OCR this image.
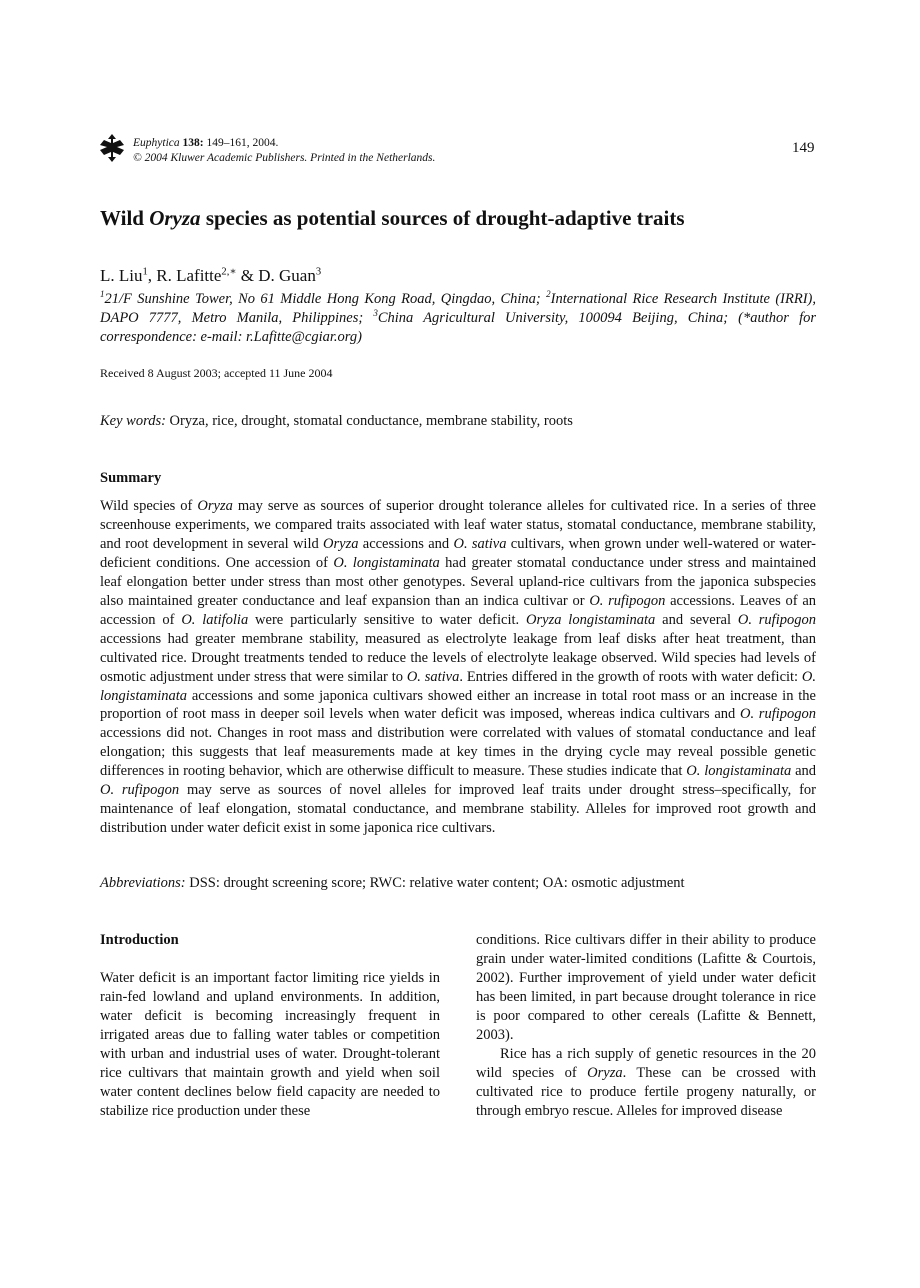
Euphytica 138: 149–161, 2004.
© 2004 Kluwer Academic Publishers. Printed in the Netherlands.
149
Wild Oryza species as potential sources of drought-adaptive traits
L. Liu$^1$, R. Lafitte$^{2,∗}$ & D. Guan$^3$
$^1$21/F Sunshine Tower, No 61 Middle Hong Kong Road, Qingdao, China; $^2$International Rice Research Institute (IRRI), DAPO 7777, Metro Manila, Philippines; $^3$China Agricultural University, 100094 Beijing, China; (*author for correspondence: e-mail: r.Lafitte@cgiar.org)
Received 8 August 2003; accepted 11 June 2004
Key words: Oryza, rice, drought, stomatal conductance, membrane stability, roots
Summary
Wild species of Oryza may serve as sources of superior drought tolerance alleles for cultivated rice. In a series of three screenhouse experiments, we compared traits associated with leaf water status, stomatal conductance, membrane stability, and root development in several wild Oryza accessions and O. sativa cultivars, when grown under well-watered or water-deficient conditions. One accession of O. longistaminata had greater stomatal conductance under stress and maintained leaf elongation better under stress than most other genotypes. Several upland-rice cultivars from the japonica subspecies also maintained greater conductance and leaf expansion than an indica cultivar or O. rufipogon accessions. Leaves of an accession of O. latifolia were particularly sensitive to water deficit. Oryza longistaminata and several O. rufipogon accessions had greater membrane stability, measured as electrolyte leakage from leaf disks after heat treatment, than cultivated rice. Drought treatments tended to reduce the levels of electrolyte leakage observed. Wild species had levels of osmotic adjustment under stress that were similar to O. sativa. Entries differed in the growth of roots with water deficit: O. longistaminata accessions and some japonica cultivars showed either an increase in total root mass or an increase in the proportion of root mass in deeper soil levels when water deficit was imposed, whereas indica cultivars and O. rufipogon accessions did not. Changes in root mass and distribution were correlated with values of stomatal conductance and leaf elongation; this suggests that leaf measurements made at key times in the drying cycle may reveal possible genetic differences in rooting behavior, which are otherwise difficult to measure. These studies indicate that O. longistaminata and O. rufipogon may serve as sources of novel alleles for improved leaf traits under drought stress–specifically, for maintenance of leaf elongation, stomatal conductance, and membrane stability. Alleles for improved root growth and distribution under water deficit exist in some japonica rice cultivars.
Abbreviations: DSS: drought screening score; RWC: relative water content; OA: osmotic adjustment
Introduction

Water deficit is an important factor limiting rice yields in rain-fed lowland and upland environments. In addition, water deficit is becoming increasingly frequent in irrigated areas due to falling water tables or competition with urban and industrial uses of water. Drought-tolerant rice cultivars that maintain growth and yield when soil water content declines below field capacity are needed to stabilize rice production under these

conditions. Rice cultivars differ in their ability to produce grain under water-limited conditions (Lafitte & Courtois, 2002). Further improvement of yield under water deficit has been limited, in part because drought tolerance in rice is poor compared to other cereals (Lafitte & Bennett, 2003).

Rice has a rich supply of genetic resources in the 20 wild species of Oryza. These can be crossed with cultivated rice to produce fertile progeny naturally, or through embryo rescue. Alleles for improved disease
